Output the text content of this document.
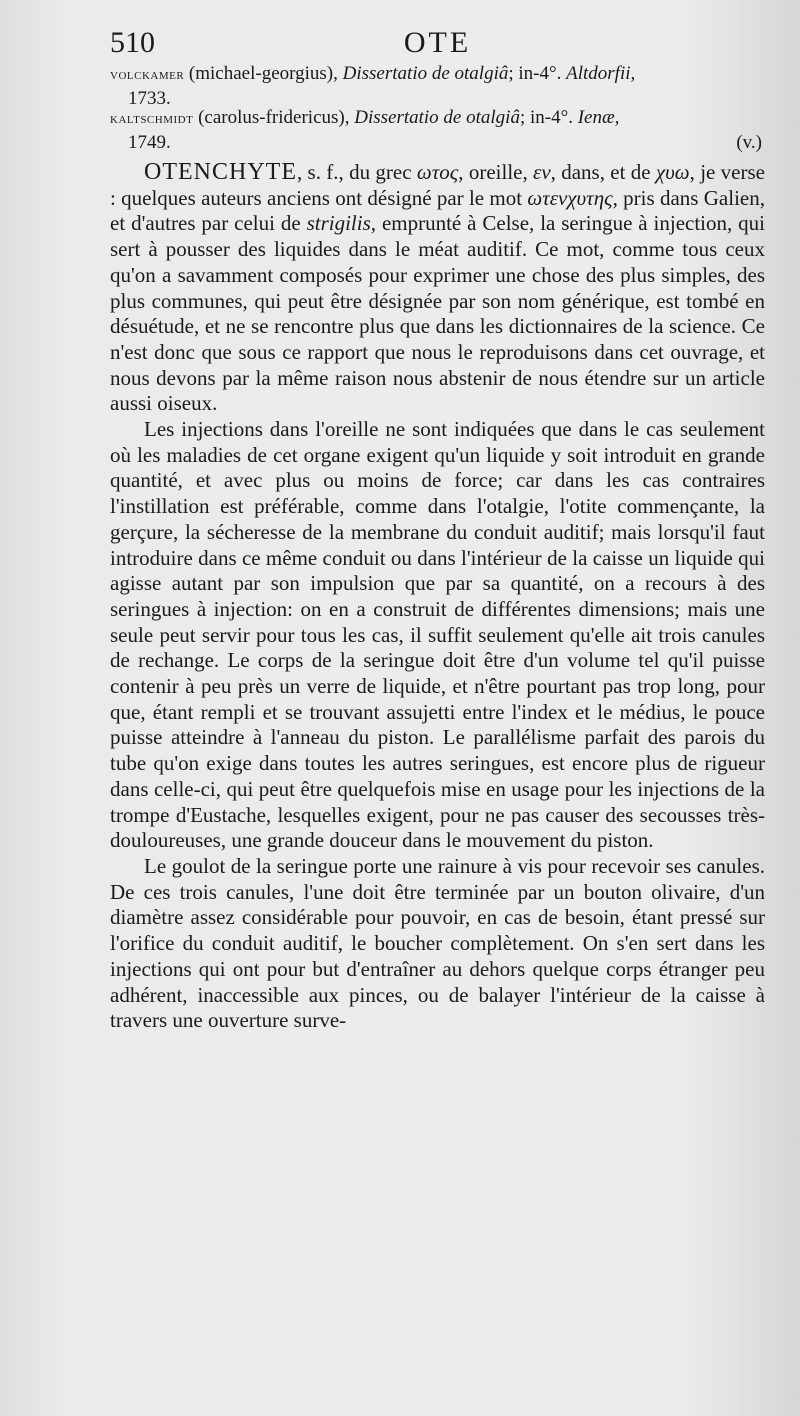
510	OTE
volckamer (michael-georgius), Dissertatio de otalgiâ; in-4°. Altdorfii,
1733.
kaltschmidt (carolus-fridericus), Dissertatio de otalgiâ; in-4°. Ienæ,
1749.	(v.)

OTENCHYTE, s. f., du grec ωτος, oreille, εν, dans, et de χυω, je verse : quelques auteurs anciens ont désigné par le mot ωτενχυτης, pris dans Galien, et d'autres par celui de strigilis, emprunté à Celse, la seringue à injection, qui sert à pousser des liquides dans le méat auditif. Ce mot, comme tous ceux qu'on a savamment composés pour exprimer une chose des plus simples, des plus communes, qui peut être désignée par son nom générique, est tombé en désuétude, et ne se rencontre plus que dans les dictionnaires de la science. Ce n'est donc que sous ce rapport que nous le reproduisons dans cet ouvrage, et nous devons par la même raison nous abstenir de nous étendre sur un article aussi oiseux.

Les injections dans l'oreille ne sont indiquées que dans le cas seulement où les maladies de cet organe exigent qu'un liquide y soit introduit en grande quantité, et avec plus ou moins de force; car dans les cas contraires l'instillation est préférable, comme dans l'otalgie, l'otite commençante, la gerçure, la sécheresse de la membrane du conduit auditif; mais lorsqu'il faut introduire dans ce même conduit ou dans l'intérieur de la caisse un liquide qui agisse autant par son impulsion que par sa quantité, on a recours à des seringues à injection: on en a construit de différentes dimensions; mais une seule peut servir pour tous les cas, il suffit seulement qu'elle ait trois canules de rechange. Le corps de la seringue doit être d'un volume tel qu'il puisse contenir à peu près un verre de liquide, et n'être pourtant pas trop long, pour que, étant rempli et se trouvant assujetti entre l'index et le médius, le pouce puisse atteindre à l'anneau du piston. Le parallélisme parfait des parois du tube qu'on exige dans toutes les autres seringues, est encore plus de rigueur dans celle-ci, qui peut être quelquefois mise en usage pour les injections de la trompe d'Eustache, lesquelles exigent, pour ne pas causer des secousses très-douloureuses, une grande douceur dans le mouvement du piston.

Le goulot de la seringue porte une rainure à vis pour recevoir ses canules. De ces trois canules, l'une doit être terminée par un bouton olivaire, d'un diamètre assez considérable pour pouvoir, en cas de besoin, étant pressé sur l'orifice du conduit auditif, le boucher complètement. On s'en sert dans les injections qui ont pour but d'entraîner au dehors quelque corps étranger peu adhérent, inaccessible aux pinces, ou de balayer l'intérieur de la caisse à travers une ouverture surve-
